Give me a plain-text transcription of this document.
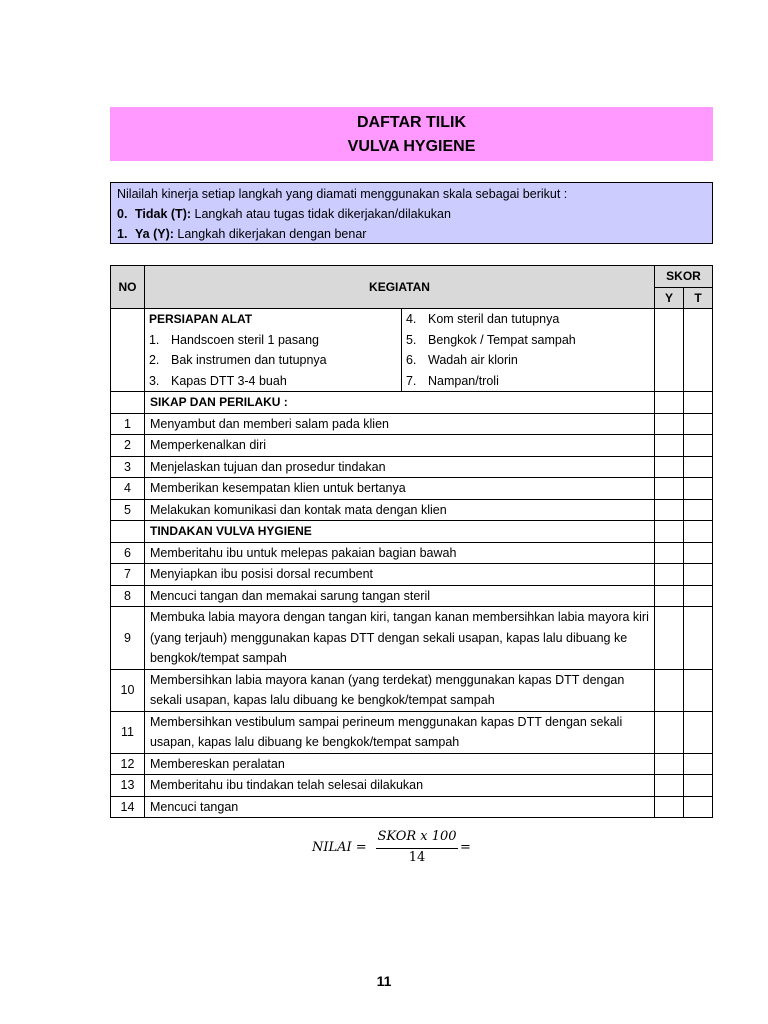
DAFTAR TILIK
VULVA HYGIENE
Nilailah kinerja setiap langkah yang diamati menggunakan skala sebagai berikut :
0. Tidak (T): Langkah atau tugas tidak dikerjakan/dilakukan
1. Ya (Y): Langkah dikerjakan dengan benar
NO	KEGIATAN	SKOR
Y	T

PERSIAPAN ALAT
1. Handscoen steril 1 pasang
2. Bak instrumen dan tutupnya
3. Kapas DTT 3-4 buah

4. Kom steril dan tutupnya
5. Bengkok / Tempat sampah
6. Wadah air klorin
7. Nampan/troli

	SIKAP DAN PERILAKU :		
1	Menyambut dan memberi salam pada klien		
2	Memperkenalkan diri		
3	Menjelaskan tujuan dan prosedur tindakan		
4	Memberikan kesempatan klien untuk bertanya		
5	Melakukan komunikasi dan kontak mata dengan klien		
	TINDAKAN VULVA HYGIENE		
6	Memberitahu ibu untuk melepas pakaian bagian bawah		
7	Menyiapkan ibu posisi dorsal recumbent		
8	Mencuci tangan dan memakai sarung tangan steril		
9	Membuka labia mayora dengan tangan kiri, tangan kanan membersihkan labia mayora kiri (yang terjauh) menggunakan kapas DTT dengan sekali usapan, kapas lalu dibuang ke bengkok/tempat sampah		
10	Membersihkan labia mayora kanan (yang terdekat) menggunakan kapas DTT dengan sekali usapan, kapas lalu dibuang ke bengkok/tempat sampah		
11	Membersihkan vestibulum sampai perineum menggunakan kapas DTT dengan sekali usapan, kapas lalu dibuang ke bengkok/tempat sampah		
12	Membereskan peralatan		
13	Memberitahu ibu tindakan telah selesai dilakukan		
14	Mencuci tangan		
NILAI =
SKOR x 100
14
=
11
